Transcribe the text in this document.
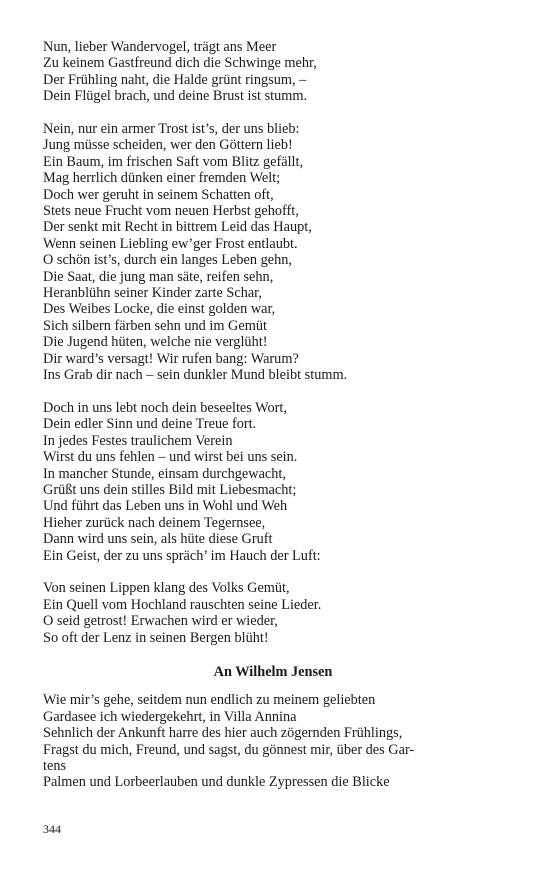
Nun, lieber Wandervogel, trägt ans Meer
Zu keinem Gastfreund dich die Schwinge mehr,
Der Frühling naht, die Halde grünt ringsum, –
Dein Flügel brach, und deine Brust ist stumm.
Nein, nur ein armer Trost ist’s, der uns blieb:
Jung müsse scheiden, wer den Göttern lieb!
Ein Baum, im frischen Saft vom Blitz gefällt,
Mag herrlich dünken einer fremden Welt;
Doch wer geruht in seinem Schatten oft,
Stets neue Frucht vom neuen Herbst gehofft,
Der senkt mit Recht in bittrem Leid das Haupt,
Wenn seinen Liebling ew’ger Frost entlaubt.
O schön ist’s, durch ein langes Leben gehn,
Die Saat, die jung man säte, reifen sehn,
Heranblühn seiner Kinder zarte Schar,
Des Weibes Locke, die einst golden war,
Sich silbern färben sehn und im Gemüt
Die Jugend hüten, welche nie verglüht!
Dir ward’s versagt! Wir rufen bang: Warum?
Ins Grab dir nach – sein dunkler Mund bleibt stumm.
Doch in uns lebt noch dein beseeltes Wort,
Dein edler Sinn und deine Treue fort.
In jedes Festes traulichem Verein
Wirst du uns fehlen – und wirst bei uns sein.
In mancher Stunde, einsam durchgewacht,
Grüßt uns dein stilles Bild mit Liebesmacht;
Und führt das Leben uns in Wohl und Weh
Hieher zurück nach deinem Tegernsee,
Dann wird uns sein, als hüte diese Gruft
Ein Geist, der zu uns spräch’ im Hauch der Luft:
Von seinen Lippen klang des Volks Gemüt,
Ein Quell vom Hochland rauschten seine Lieder.
O seid getrost! Erwachen wird er wieder,
So oft der Lenz in seinen Bergen blüht!
An Wilhelm Jensen
Wie mir’s gehe, seitdem nun endlich zu meinem geliebten
Gardasee ich wiedergekehrt, in Villa Annina
Sehnlich der Ankunft harre des hier auch zögernden Frühlings,
Fragst du mich, Freund, und sagst, du gönnest mir, über des Gar-
tens
Palmen und Lorbeerlauben und dunkle Zypressen die Blicke
344
